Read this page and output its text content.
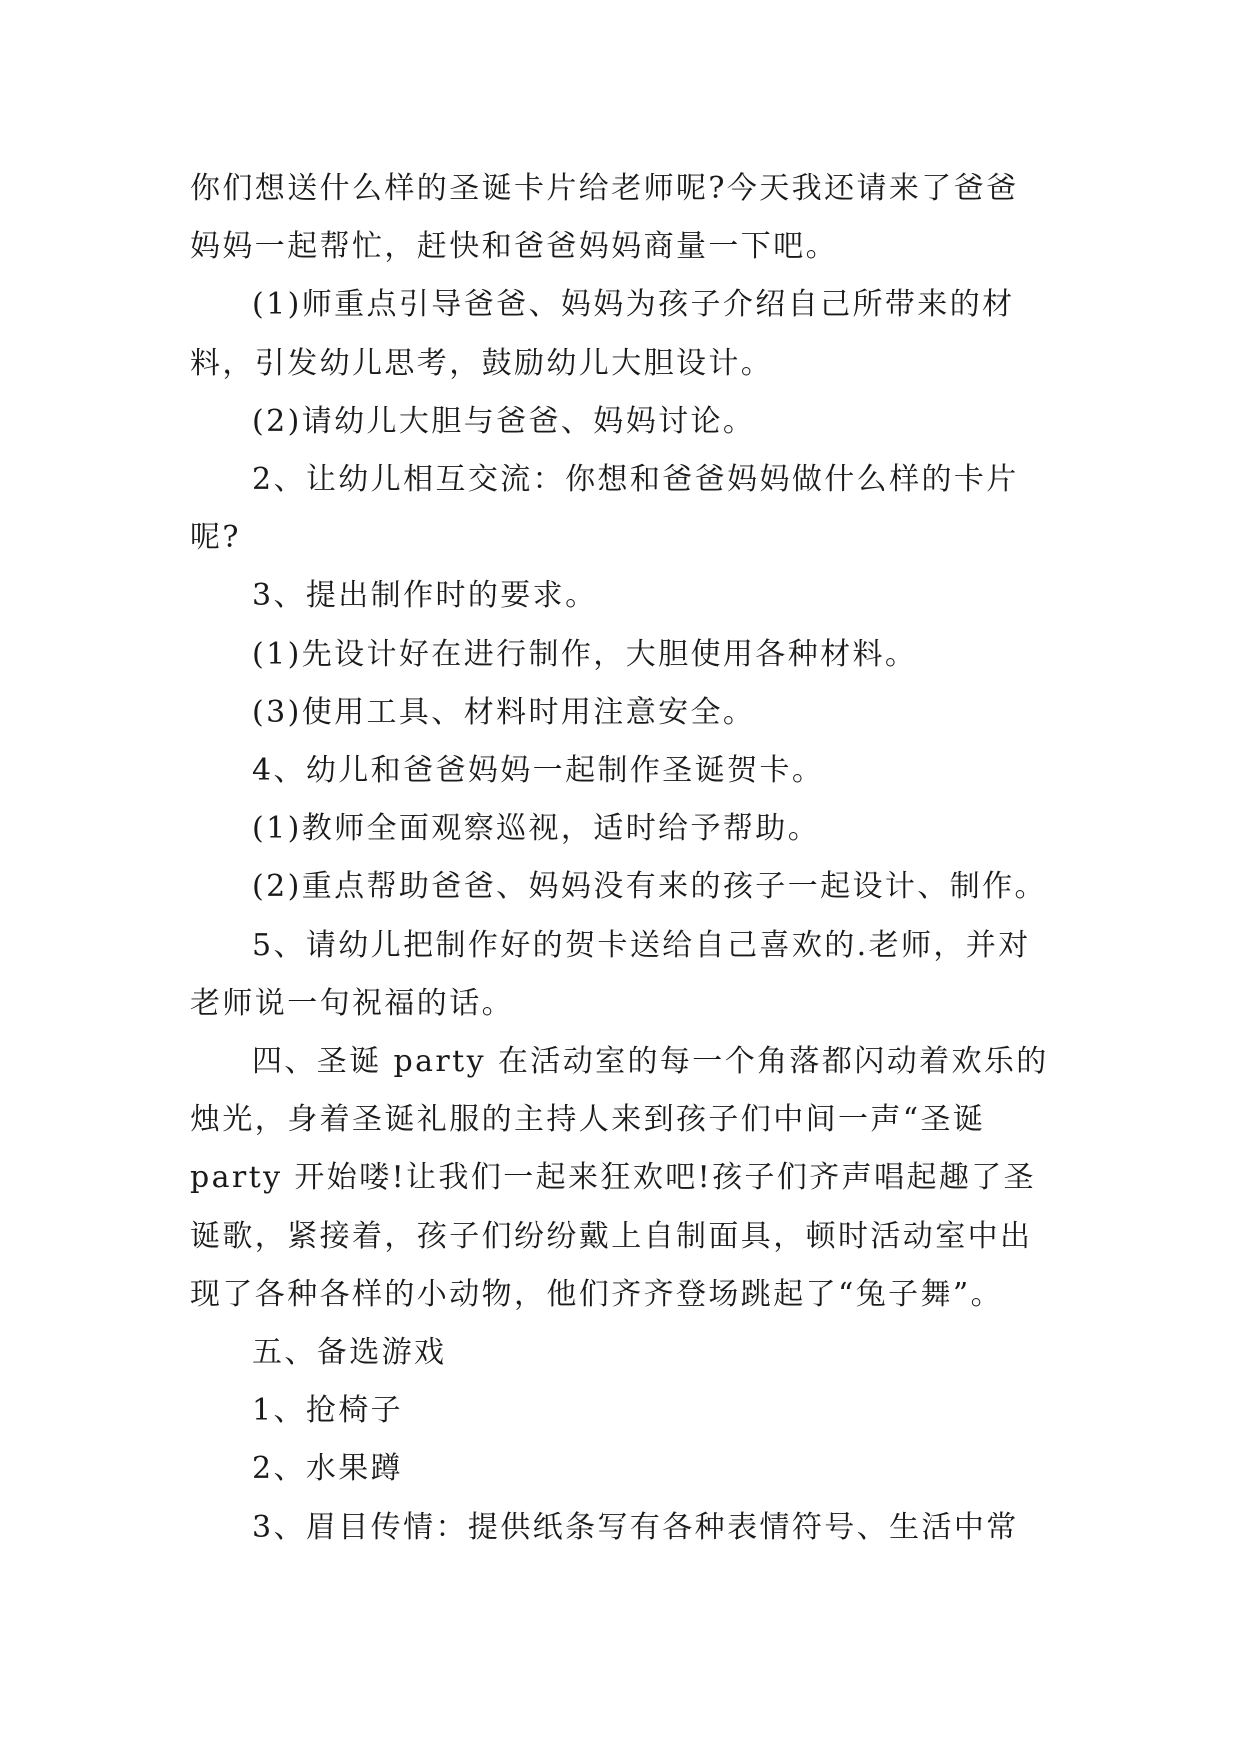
你们想送什么样的圣诞卡片给老师呢?今天我还请来了爸爸
妈妈一起帮忙，赶快和爸爸妈妈商量一下吧。
(1)师重点引导爸爸、妈妈为孩子介绍自己所带来的材
料，引发幼儿思考，鼓励幼儿大胆设计。
(2)请幼儿大胆与爸爸、妈妈讨论。
2、让幼儿相互交流：你想和爸爸妈妈做什么样的卡片
呢?
3、提出制作时的要求。
(1)先设计好在进行制作，大胆使用各种材料。
(3)使用工具、材料时用注意安全。
4、幼儿和爸爸妈妈一起制作圣诞贺卡。
(1)教师全面观察巡视，适时给予帮助。
(2)重点帮助爸爸、妈妈没有来的孩子一起设计、制作。
5、请幼儿把制作好的贺卡送给自己喜欢的.老师，并对
老师说一句祝福的话。
四、圣诞 party 在活动室的每一个角落都闪动着欢乐的
烛光，身着圣诞礼服的主持人来到孩子们中间一声“圣诞
party 开始喽!让我们一起来狂欢吧!孩子们齐声唱起趣了圣
诞歌，紧接着，孩子们纷纷戴上自制面具，顿时活动室中出
现了各种各样的小动物，他们齐齐登场跳起了“兔子舞”。
五、备选游戏
1、抢椅子
2、水果蹲
3、眉目传情：提供纸条写有各种表情符号、生活中常
